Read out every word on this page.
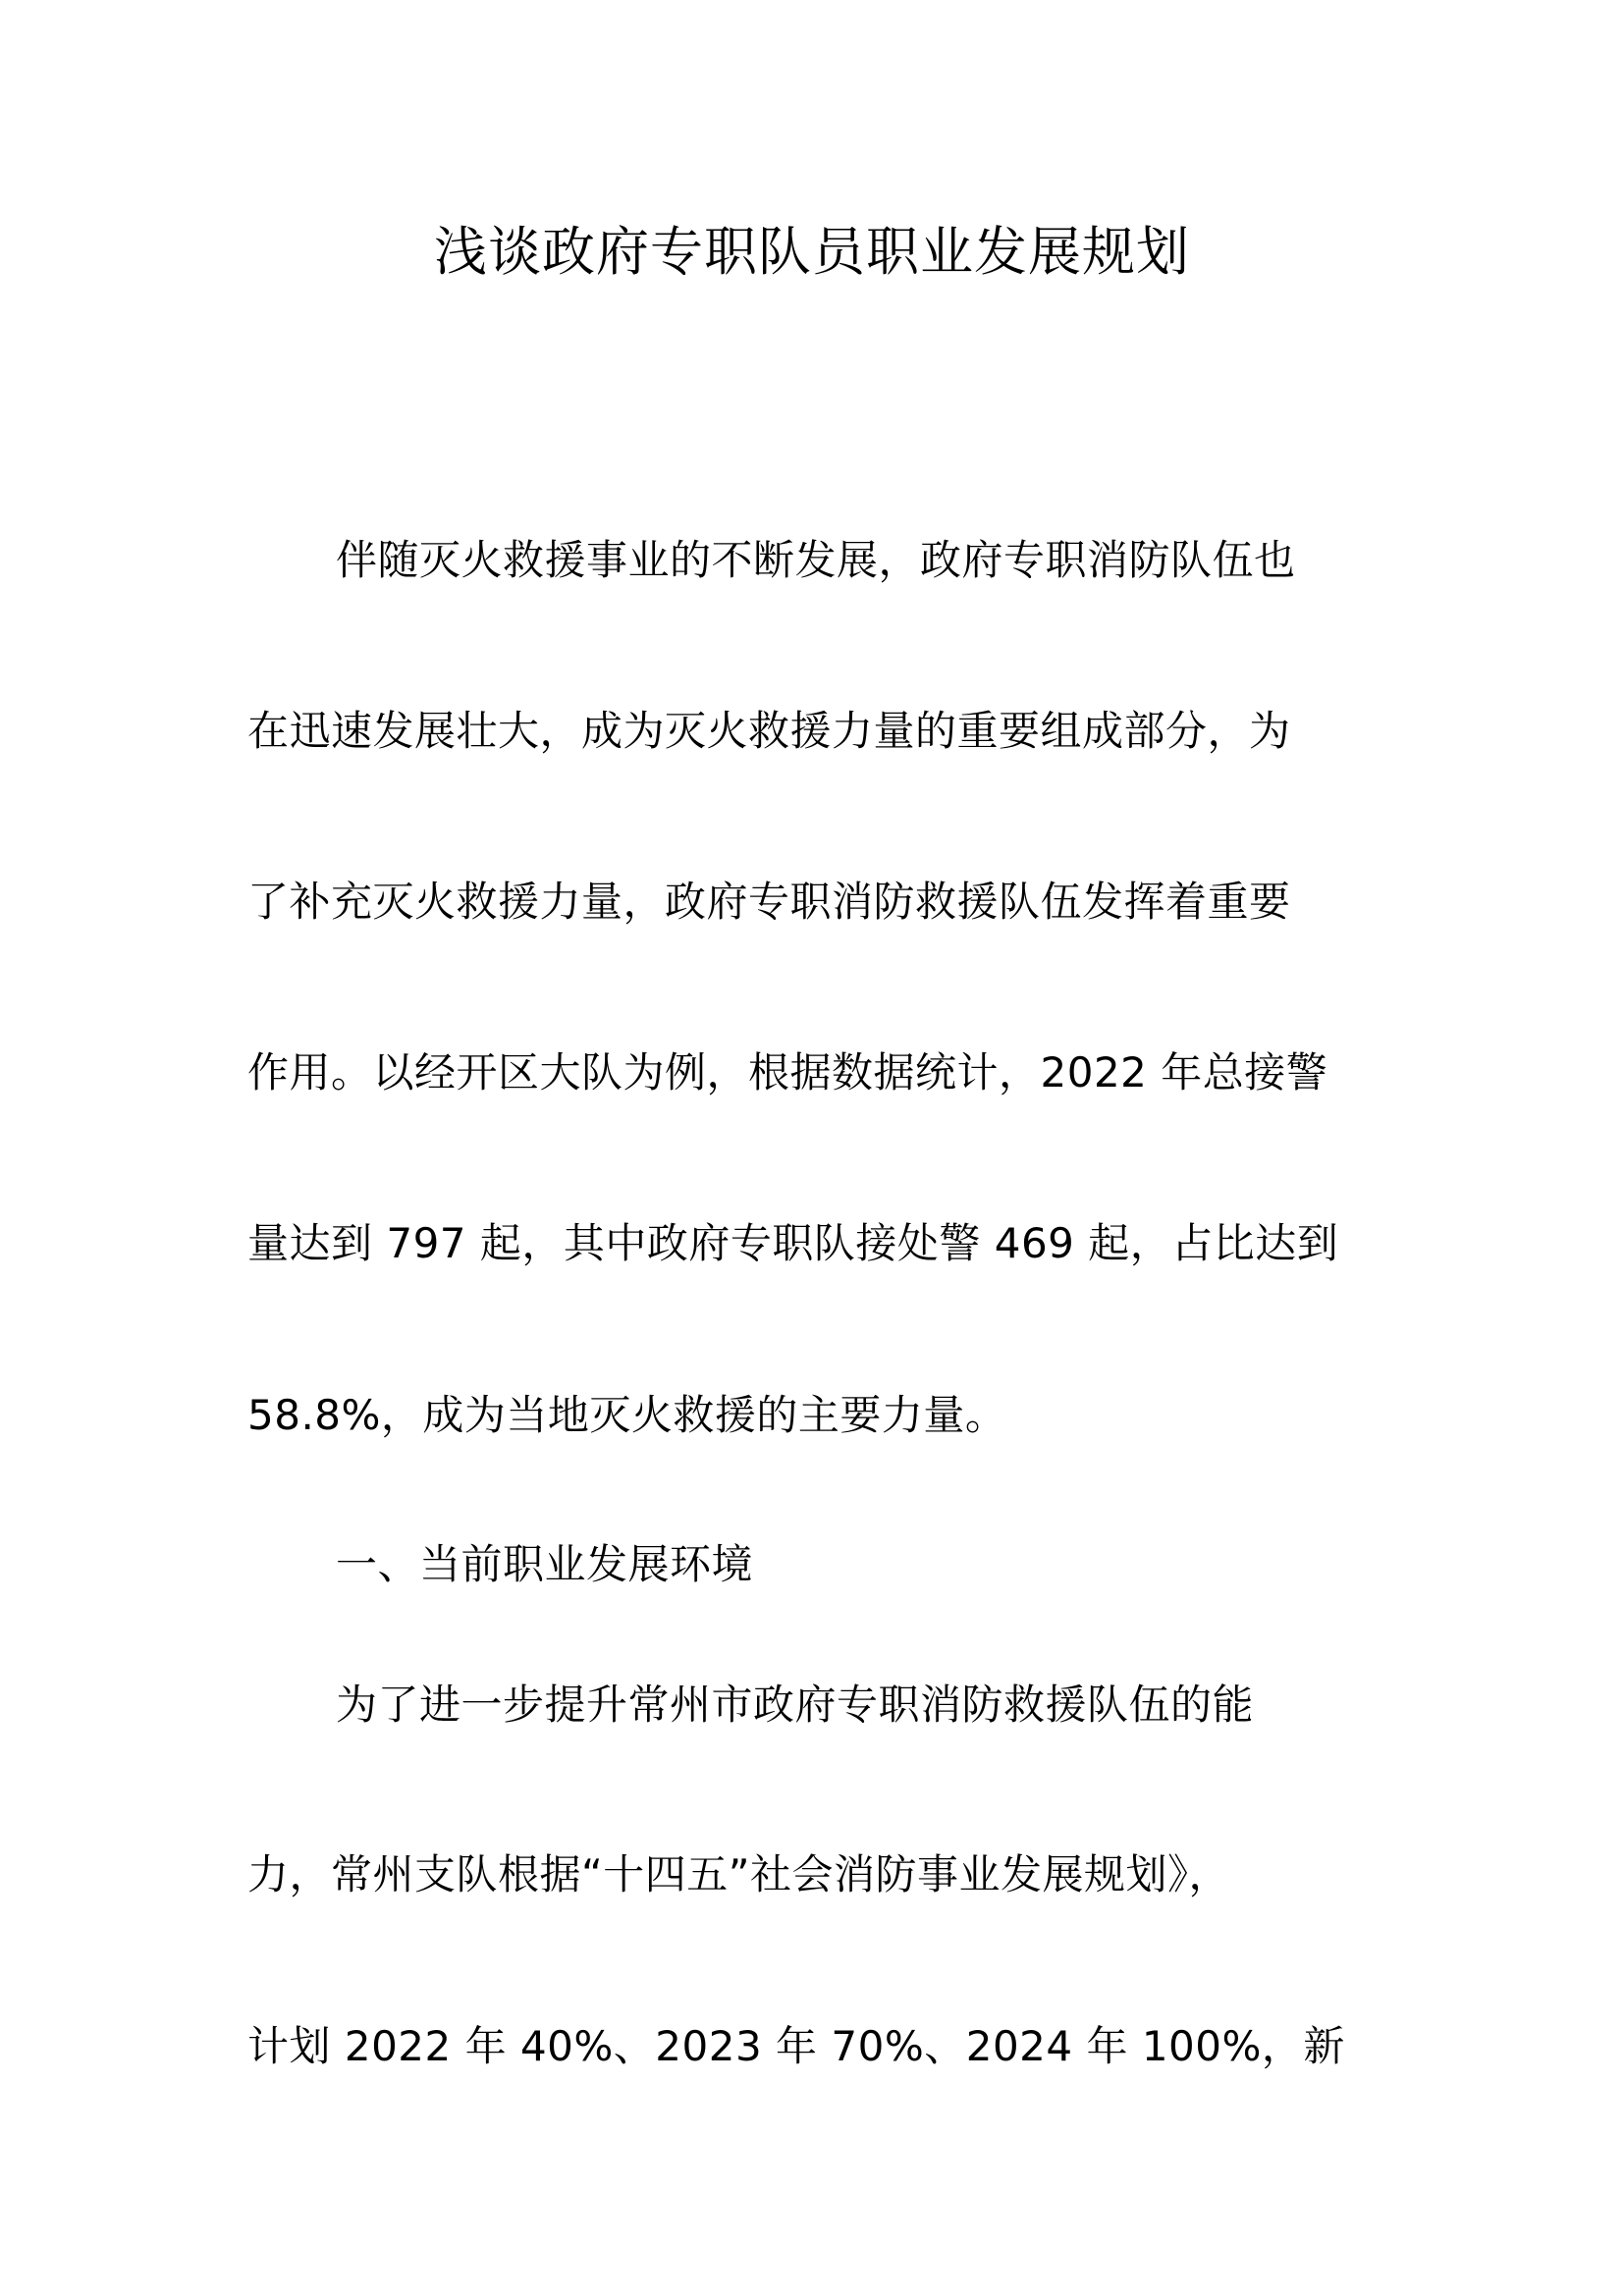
浅谈政府专职队员职业发展规划
伴随灭火救援事业的不断发展，政府专职消防队伍也
在迅速发展壮大，成为灭火救援力量的重要组成部分，为
了补充灭火救援力量，政府专职消防救援队伍发挥着重要
作用。以经开区大队为例，根据数据统计，2022 年总接警
量达到 797 起，其中政府专职队接处警 469 起，占比达到
58.8%，成为当地灭火救援的主要力量。
一、当前职业发展环境
为了进一步提升常州市政府专职消防救援队伍的能
力，常州支队根据“十四五”社会消防事业发展规划》，
计划 2022 年 40%、2023 年 70%、2024 年 100%，新
